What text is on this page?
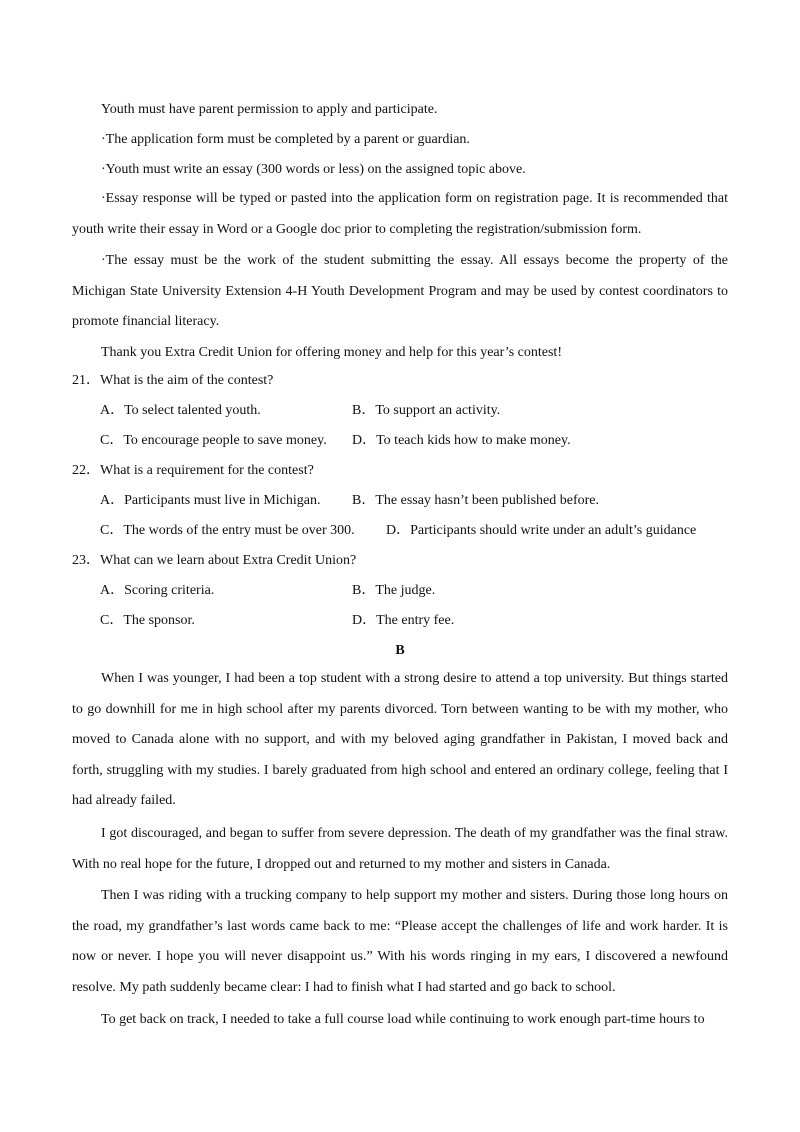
Youth must have parent permission to apply and participate.

·The application form must be completed by a parent or guardian.

·Youth must write an essay (300 words or less) on the assigned topic above.

·Essay response will be typed or pasted into the application form on registration page. It is recommended that youth write their essay in Word or a Google doc prior to completing the registration/submission form.

·The essay must be the work of the student submitting the essay. All essays become the property of the Michigan State University Extension 4-H Youth Development Program and may be used by contest coordinators to promote financial literacy.

Thank you Extra Credit Union for offering money and help for this year’s contest!

21．What is the aim of the contest?
A．To select talented youth.	B．To support an activity.
C．To encourage people to save money. D．To teach kids how to make money.
22．What is a requirement for the contest?
A．Participants must live in Michigan. B．The essay hasn’t been published before.
C．The words of the entry must be over 300. D．Participants should write under an adult’s guidance
23．What can we learn about Extra Credit Union?
A．Scoring criteria.	B．The judge.
C．The sponsor.	D．The entry fee.
B

When I was younger, I had been a top student with a strong desire to attend a top university. But things started to go downhill for me in high school after my parents divorced. Torn between wanting to be with my mother, who moved to Canada alone with no support, and with my beloved aging grandfather in Pakistan, I moved back and forth, struggling with my studies. I barely graduated from high school and entered an ordinary college, feeling that I had already failed.

I got discouraged, and began to suffer from severe depression. The death of my grandfather was the final straw. With no real hope for the future, I dropped out and returned to my mother and sisters in Canada.

Then I was riding with a trucking company to help support my mother and sisters. During those long hours on the road, my grandfather’s last words came back to me: “Please accept the challenges of life and work harder. It is now or never. I hope you will never disappoint us.” With his words ringing in my ears, I discovered a newfound resolve. My path suddenly became clear: I had to finish what I had started and go back to school.

To get back on track, I needed to take a full course load while continuing to work enough part-time hours to
